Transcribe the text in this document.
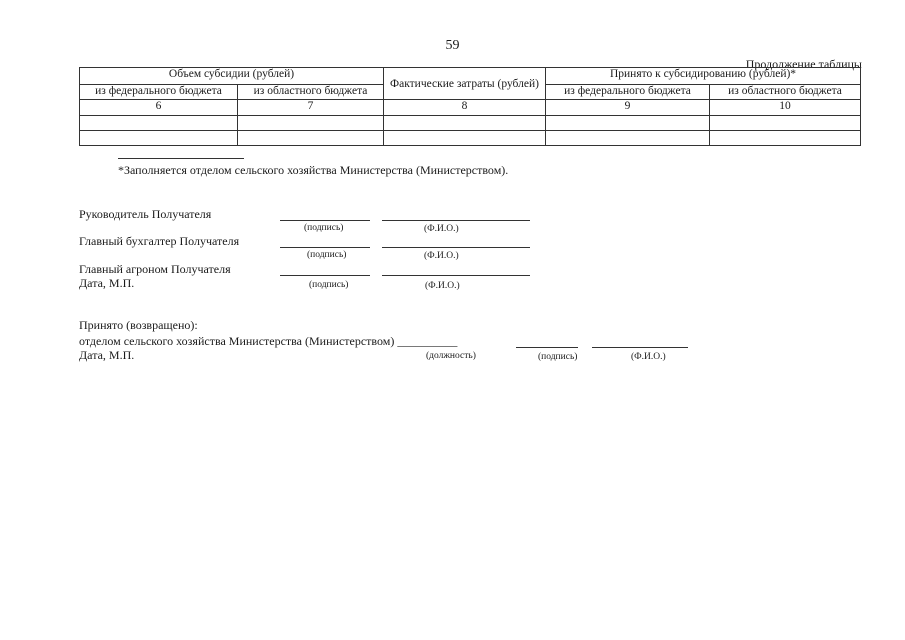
59
Продолжение таблицы
Объем субсидии (рублей)		Фактические затраты (рублей)	Принято к субсидированию (рублей)*	
из федерального бюджета	из областного бюджета		из федерального бюджета	из областного бюджета
6	7	8	9	10

*Заполняется отделом сельского хозяйства Министерства (Министерством).
Руководитель Получателя
(подпись)	(Ф.И.О.)
Главный бухгалтер Получателя
(подпись)	(Ф.И.О.)
Главный агроном Получателя
Дата, М.П.	(подпись)	(Ф.И.О.)
Принято (возвращено):
отделом сельского хозяйства Министерства (Министерством) __________
Дата, М.П.	(должность)	(подпись)	(Ф.И.О.)
